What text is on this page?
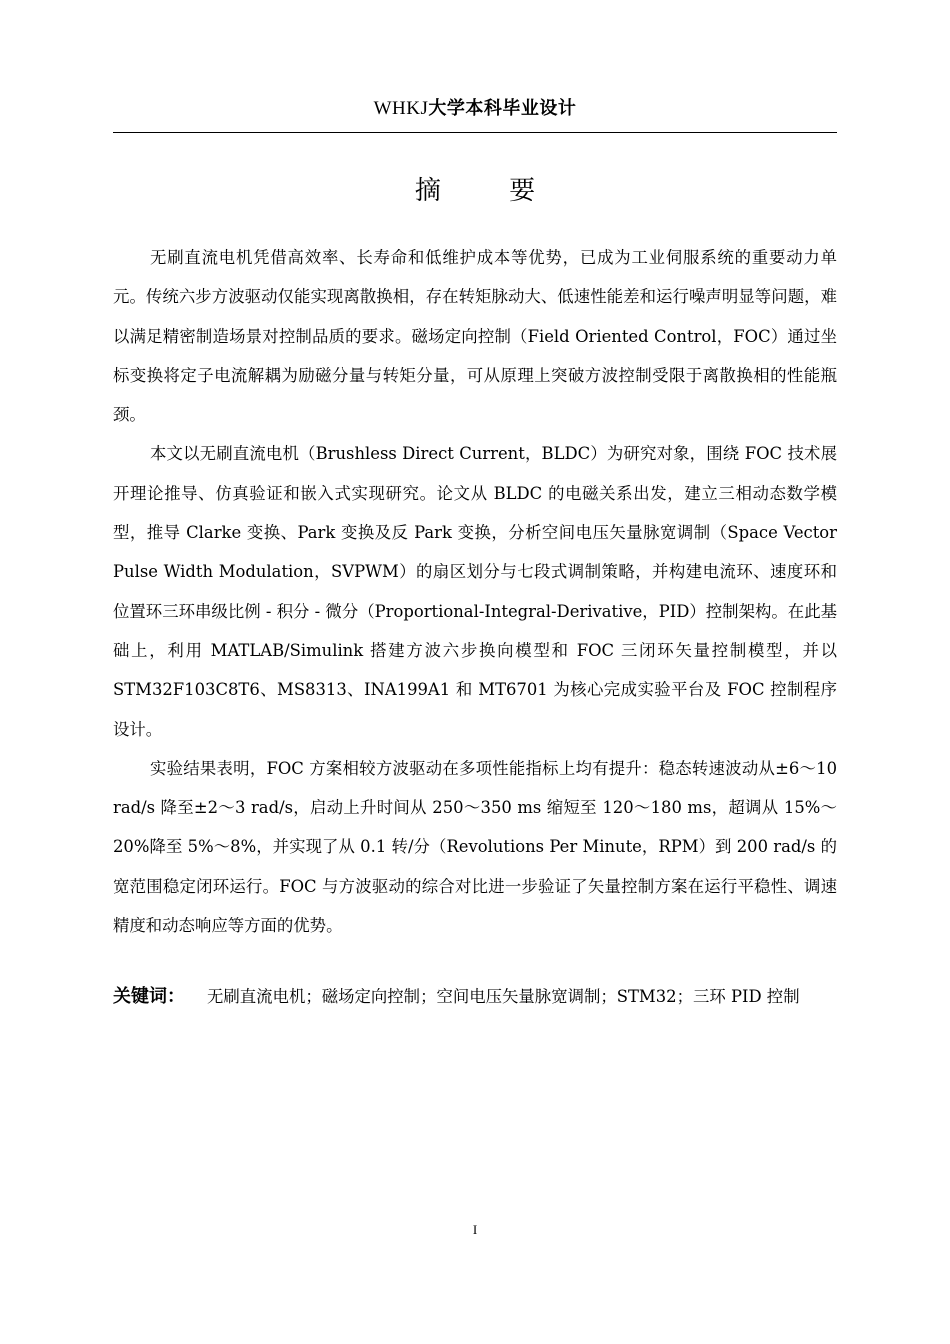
WHKJ大学本科毕业设计
摘 要

无刷直流电机凭借高效率、长寿命和低维护成本等优势，已成为工业伺服系统的重要动力单元。传统六步方波驱动仅能实现离散换相，存在转矩脉动大、低速性能差和运行噪声明显等问题，难以满足精密制造场景对控制品质的要求。磁场定向控制（Field Oriented Control，FOC）通过坐标变换将定子电流解耦为励磁分量与转矩分量，可从原理上突破方波控制受限于离散换相的性能瓶颈。

本文以无刷直流电机（Brushless Direct Current，BLDC）为研究对象，围绕 FOC 技术展开理论推导、仿真验证和嵌入式实现研究。论文从 BLDC 的电磁关系出发，建立三相动态数学模型，推导 Clarke 变换、Park 变换及反 Park 变换，分析空间电压矢量脉宽调制（Space Vector Pulse Width Modulation，SVPWM）的扇区划分与七段式调制策略，并构建电流环、速度环和位置环三环串级比例 - 积分 - 微分（Proportional-Integral-Derivative，PID）控制架构。在此基础上，利用 MATLAB/Simulink 搭建方波六步换向模型和 FOC 三闭环矢量控制模型，并以 STM32F103C8T6、MS8313、INA199A1 和 MT6701 为核心完成实验平台及 FOC 控制程序设计。

实验结果表明，FOC 方案相较方波驱动在多项性能指标上均有提升：稳态转速波动从±6～10 rad/s 降至±2～3 rad/s，启动上升时间从 250～350 ms 缩短至 120～180 ms，超调从 15%～20%降至 5%～8%，并实现了从 0.1 转/分（Revolutions Per Minute，RPM）到 200 rad/s 的宽范围稳定闭环运行。FOC 与方波驱动的综合对比进一步验证了矢量控制方案在运行平稳性、调速精度和动态响应等方面的优势。

关键词： 无刷直流电机；磁场定向控制；空间电压矢量脉宽调制；STM32；三环 PID 控制
I
